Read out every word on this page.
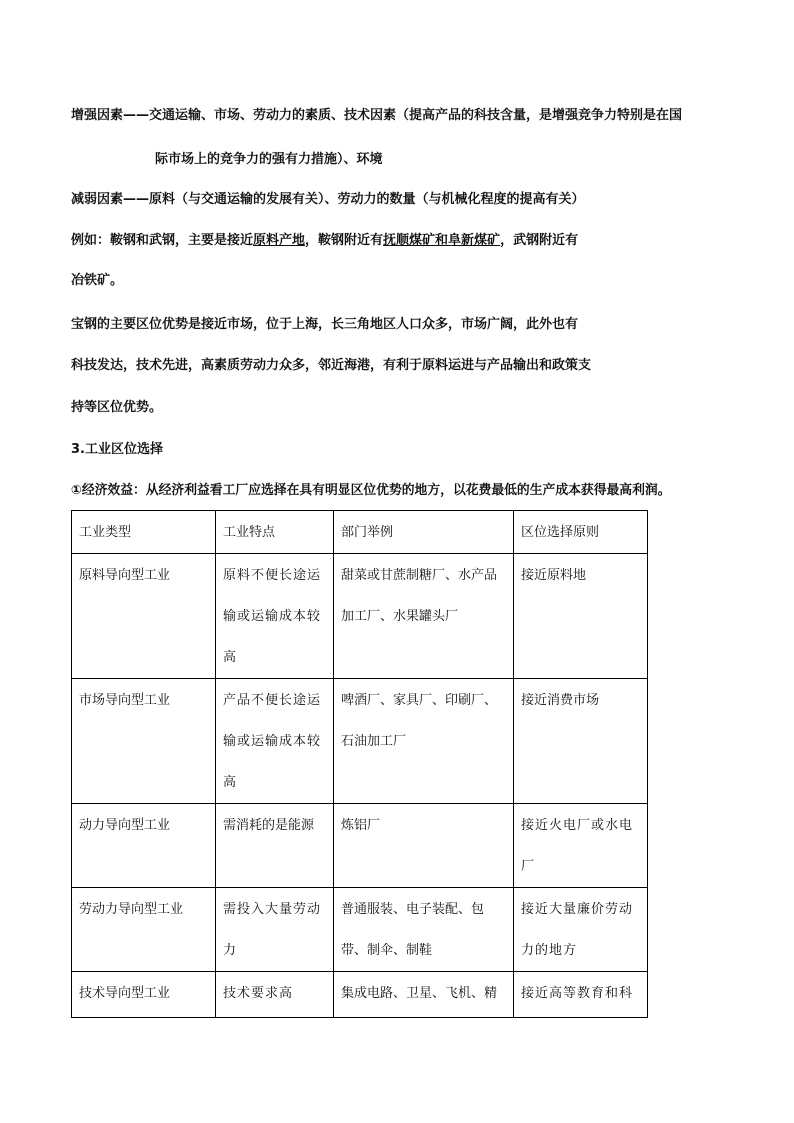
增强因素——交通运输、市场、劳动力的素质、技术因素（提高产品的科技含量，是增强竞争力特别是在国
际市场上的竞争力的强有力措施）、环境
减弱因素——原料（与交通运输的发展有关）、劳动力的数量（与机械化程度的提高有关）
例如：鞍钢和武钢，主要是接近原料产地，鞍钢附近有抚顺煤矿和阜新煤矿，武钢附近有
冶铁矿。
宝钢的主要区位优势是接近市场，位于上海，长三角地区人口众多，市场广阔，此外也有
科技发达，技术先进，高素质劳动力众多，邻近海港，有利于原料运进与产品输出和政策支
持等区位优势。
3.工业区位选择
①经济效益：从经济利益看工厂应选择在具有明显区位优势的地方，以花费最低的生产成本获得最高利润。
工业类型	工业特点	部门举例	区位选择原则

原料导向型工业	原料不便长途运输或运输成本较高	甜菜或甘蔗制糖厂、水产品加工厂、水果罐头厂	接近原料地

市场导向型工业	产品不便长途运输或运输成本较高	啤酒厂、家具厂、印刷厂、石油加工厂	接近消费市场

动力导向型工业	需消耗的是能源	炼铝厂	接近火电厂或水电厂

劳动力导向型工业	需投入大量劳动力	普通服装、电子装配、包带、制伞、制鞋	接近大量廉价劳动力的地方

技术导向型工业	技术要求高	集成电路、卫星、飞机、精	接近高等教育和科
